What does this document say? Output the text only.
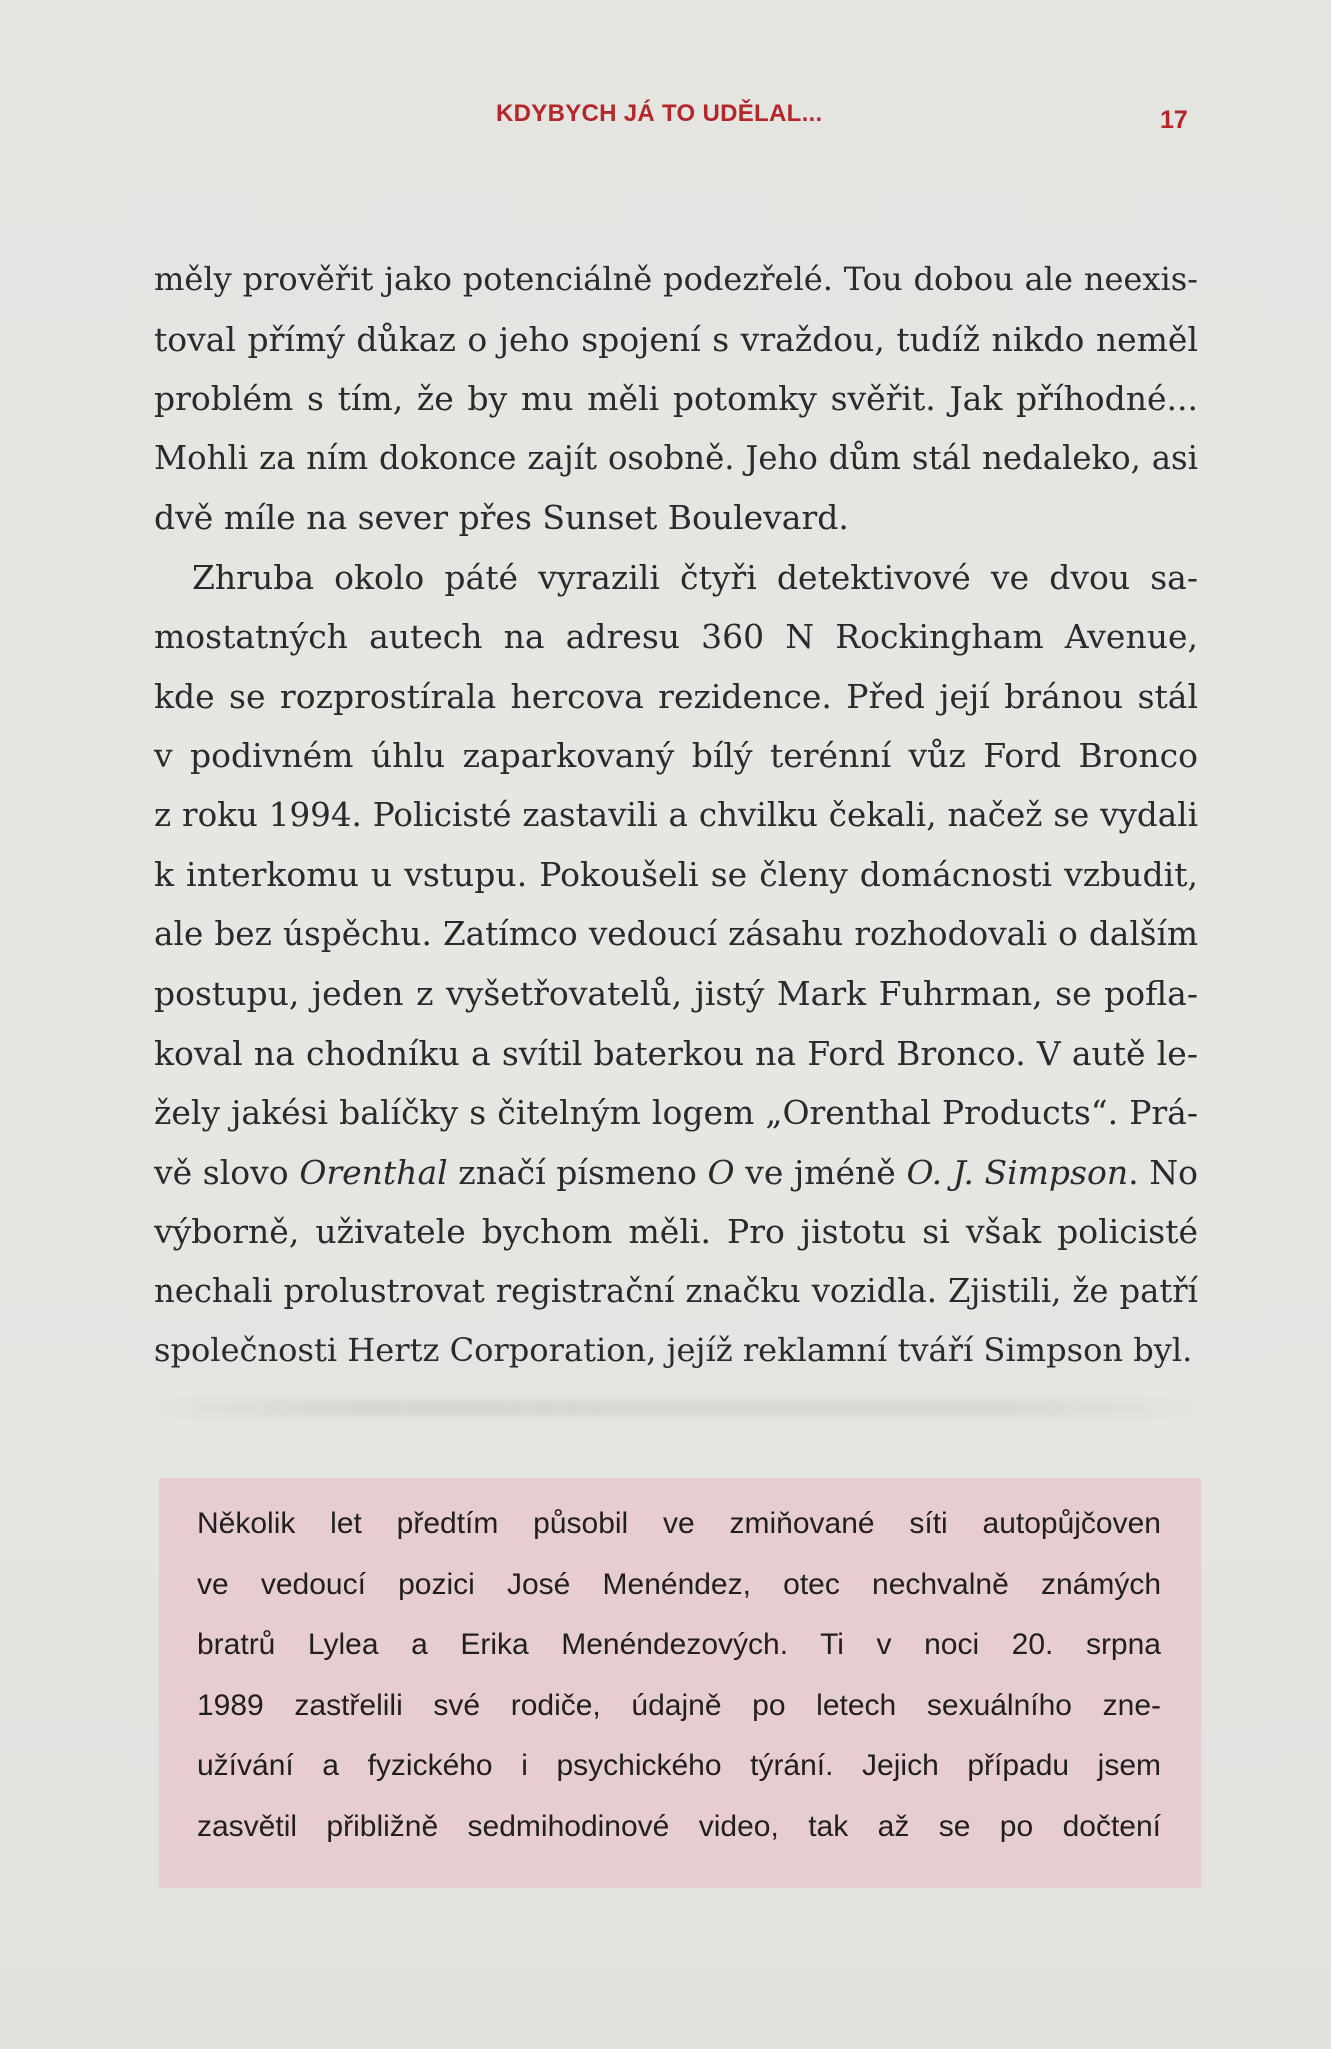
KDYBYCH JÁ TO UDĚLAL...	17

měly prověřit jako potenciálně podezřelé. Tou dobou ale neexis-
toval přímý důkaz o jeho spojení s vraždou, tudíž nikdo neměl
problém s tím, že by mu měli potomky svěřit. Jak příhodné...
Mohli za ním dokonce zajít osobně. Jeho dům stál nedaleko, asi
dvě míle na sever přes Sunset Boulevard.

Zhruba okolo páté vyrazili čtyři detektivové ve dvou sa-
mostatných autech na adresu 360 N Rockingham Avenue,
kde se rozprostírala hercova rezidence. Před její bránou stál
v podivném úhlu zaparkovaný bílý terénní vůz Ford Bronco
z roku 1994. Policisté zastavili a chvilku čekali, načež se vydali
k interkomu u vstupu. Pokoušeli se členy domácnosti vzbudit,
ale bez úspěchu. Zatímco vedoucí zásahu rozhodovali o dalším
postupu, jeden z vyšetřovatelů, jistý Mark Fuhrman, se pofla-
koval na chodníku a svítil baterkou na Ford Bronco. V autě le-
žely jakési balíčky s čitelným logem „Orenthal Products“. Prá-
vě slovo Orenthal značí písmeno O ve jméně O. J. Simpson. No
výborně, uživatele bychom měli. Pro jistotu si však policisté
nechali prolustrovat registrační značku vozidla. Zjistili, že patří
společnosti Hertz Corporation, jejíž reklamní tváří Simpson byl.

Několik let předtím působil ve zmiňované síti autopůjčoven
ve vedoucí pozici José Menéndez, otec nechvalně známých
bratrů Lylea a Erika Menéndezových. Ti v noci 20. srpna
1989 zastřelili své rodiče, údajně po letech sexuálního zne-
užívání a fyzického i psychického týrání. Jejich případu jsem
zasvětil přibližně sedmihodinové video, tak až se po dočtení
